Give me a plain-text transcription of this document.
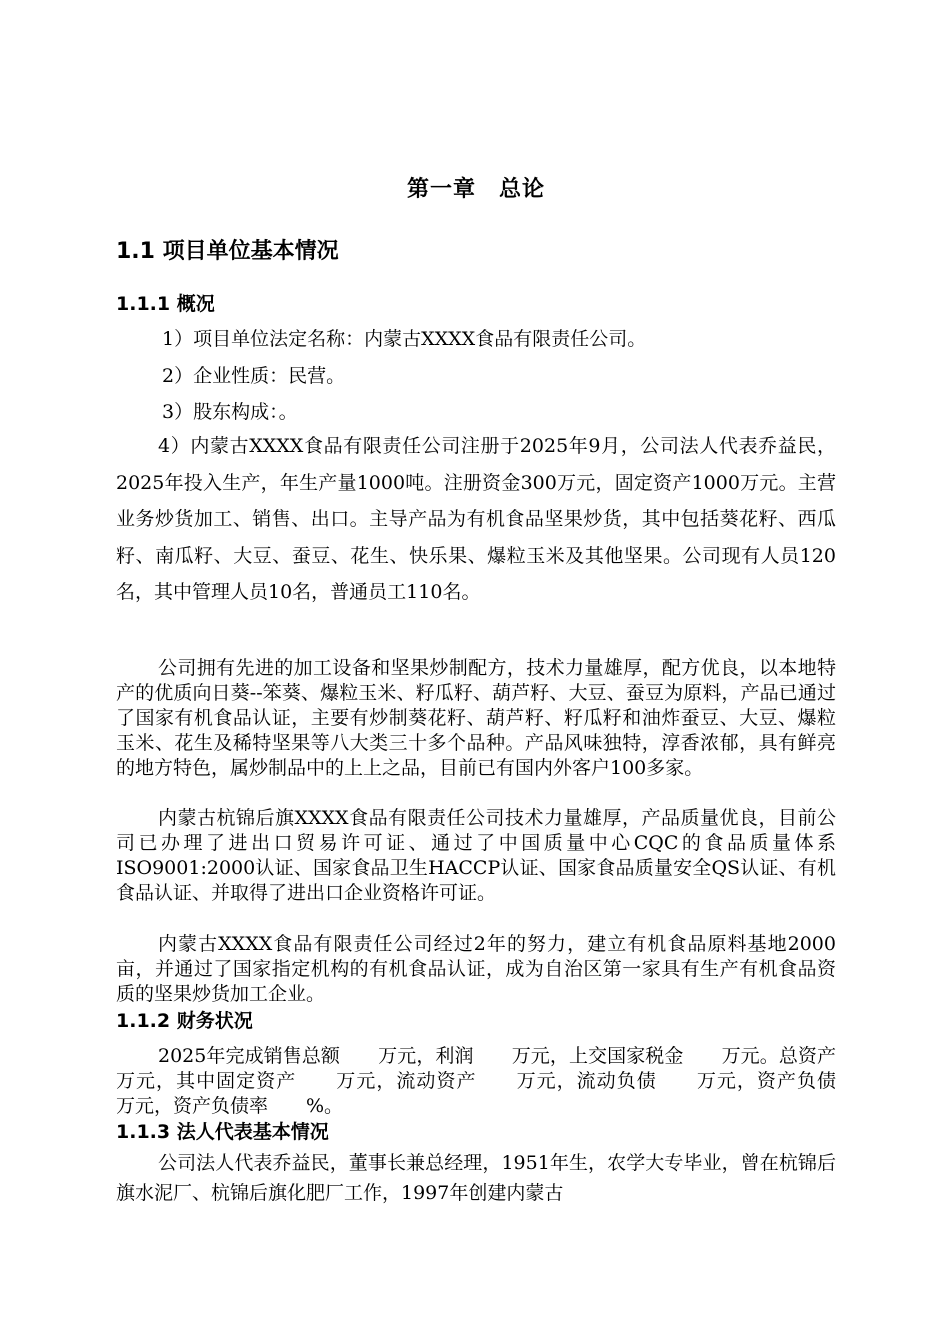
第一章　总论
1.1 项目单位基本情况
1.1.1 概况
1）项目单位法定名称：内蒙古XXXX食品有限责任公司。
2）企业性质：民营。
3）股东构成：。
4）内蒙古XXXX食品有限责任公司注册于2025年9月，公司法人代表乔益民，2025年投入生产，年生产量1000吨。注册资金300万元，固定资产1000万元。主营业务炒货加工、销售、出口。主导产品为有机食品坚果炒货，其中包括葵花籽、西瓜籽、南瓜籽、大豆、蚕豆、花生、快乐果、爆粒玉米及其他坚果。公司现有人员120名，其中管理人员10名，普通员工110名。
公司拥有先进的加工设备和坚果炒制配方，技术力量雄厚，配方优良，以本地特产的优质向日葵--笨葵、爆粒玉米、籽瓜籽、葫芦籽、大豆、蚕豆为原料，产品已通过了国家有机食品认证，主要有炒制葵花籽、葫芦籽、籽瓜籽和油炸蚕豆、大豆、爆粒玉米、花生及稀特坚果等八大类三十多个品种。产品风味独特，淳香浓郁，具有鲜亮的地方特色，属炒制品中的上上之品，目前已有国内外客户100多家。
内蒙古杭锦后旗XXXX食品有限责任公司技术力量雄厚，产品质量优良，目前公司已办理了进出口贸易许可证、通过了中国质量中心CQC的食品质量体系ISO9001:2000认证、国家食品卫生HACCP认证、国家食品质量安全QS认证、有机食品认证、并取得了进出口企业资格许可证。
内蒙古XXXX食品有限责任公司经过2年的努力，建立有机食品原料基地2000亩，并通过了国家指定机构的有机食品认证，成为自治区第一家具有生产有机食品资质的坚果炒货加工企业。
1.1.2 财务状况
2025年完成销售总额　　万元，利润　　万元，上交国家税金　　万元。总资产　　万元，其中固定资产　　万元，流动资产　　万元，流动负债　　万元，资产负债　　万元，资产负债率　　%。
1.1.3 法人代表基本情况
公司法人代表乔益民，董事长兼总经理，1951年生，农学大专毕业，曾在杭锦后旗水泥厂、杭锦后旗化肥厂工作，1997年创建内蒙古
